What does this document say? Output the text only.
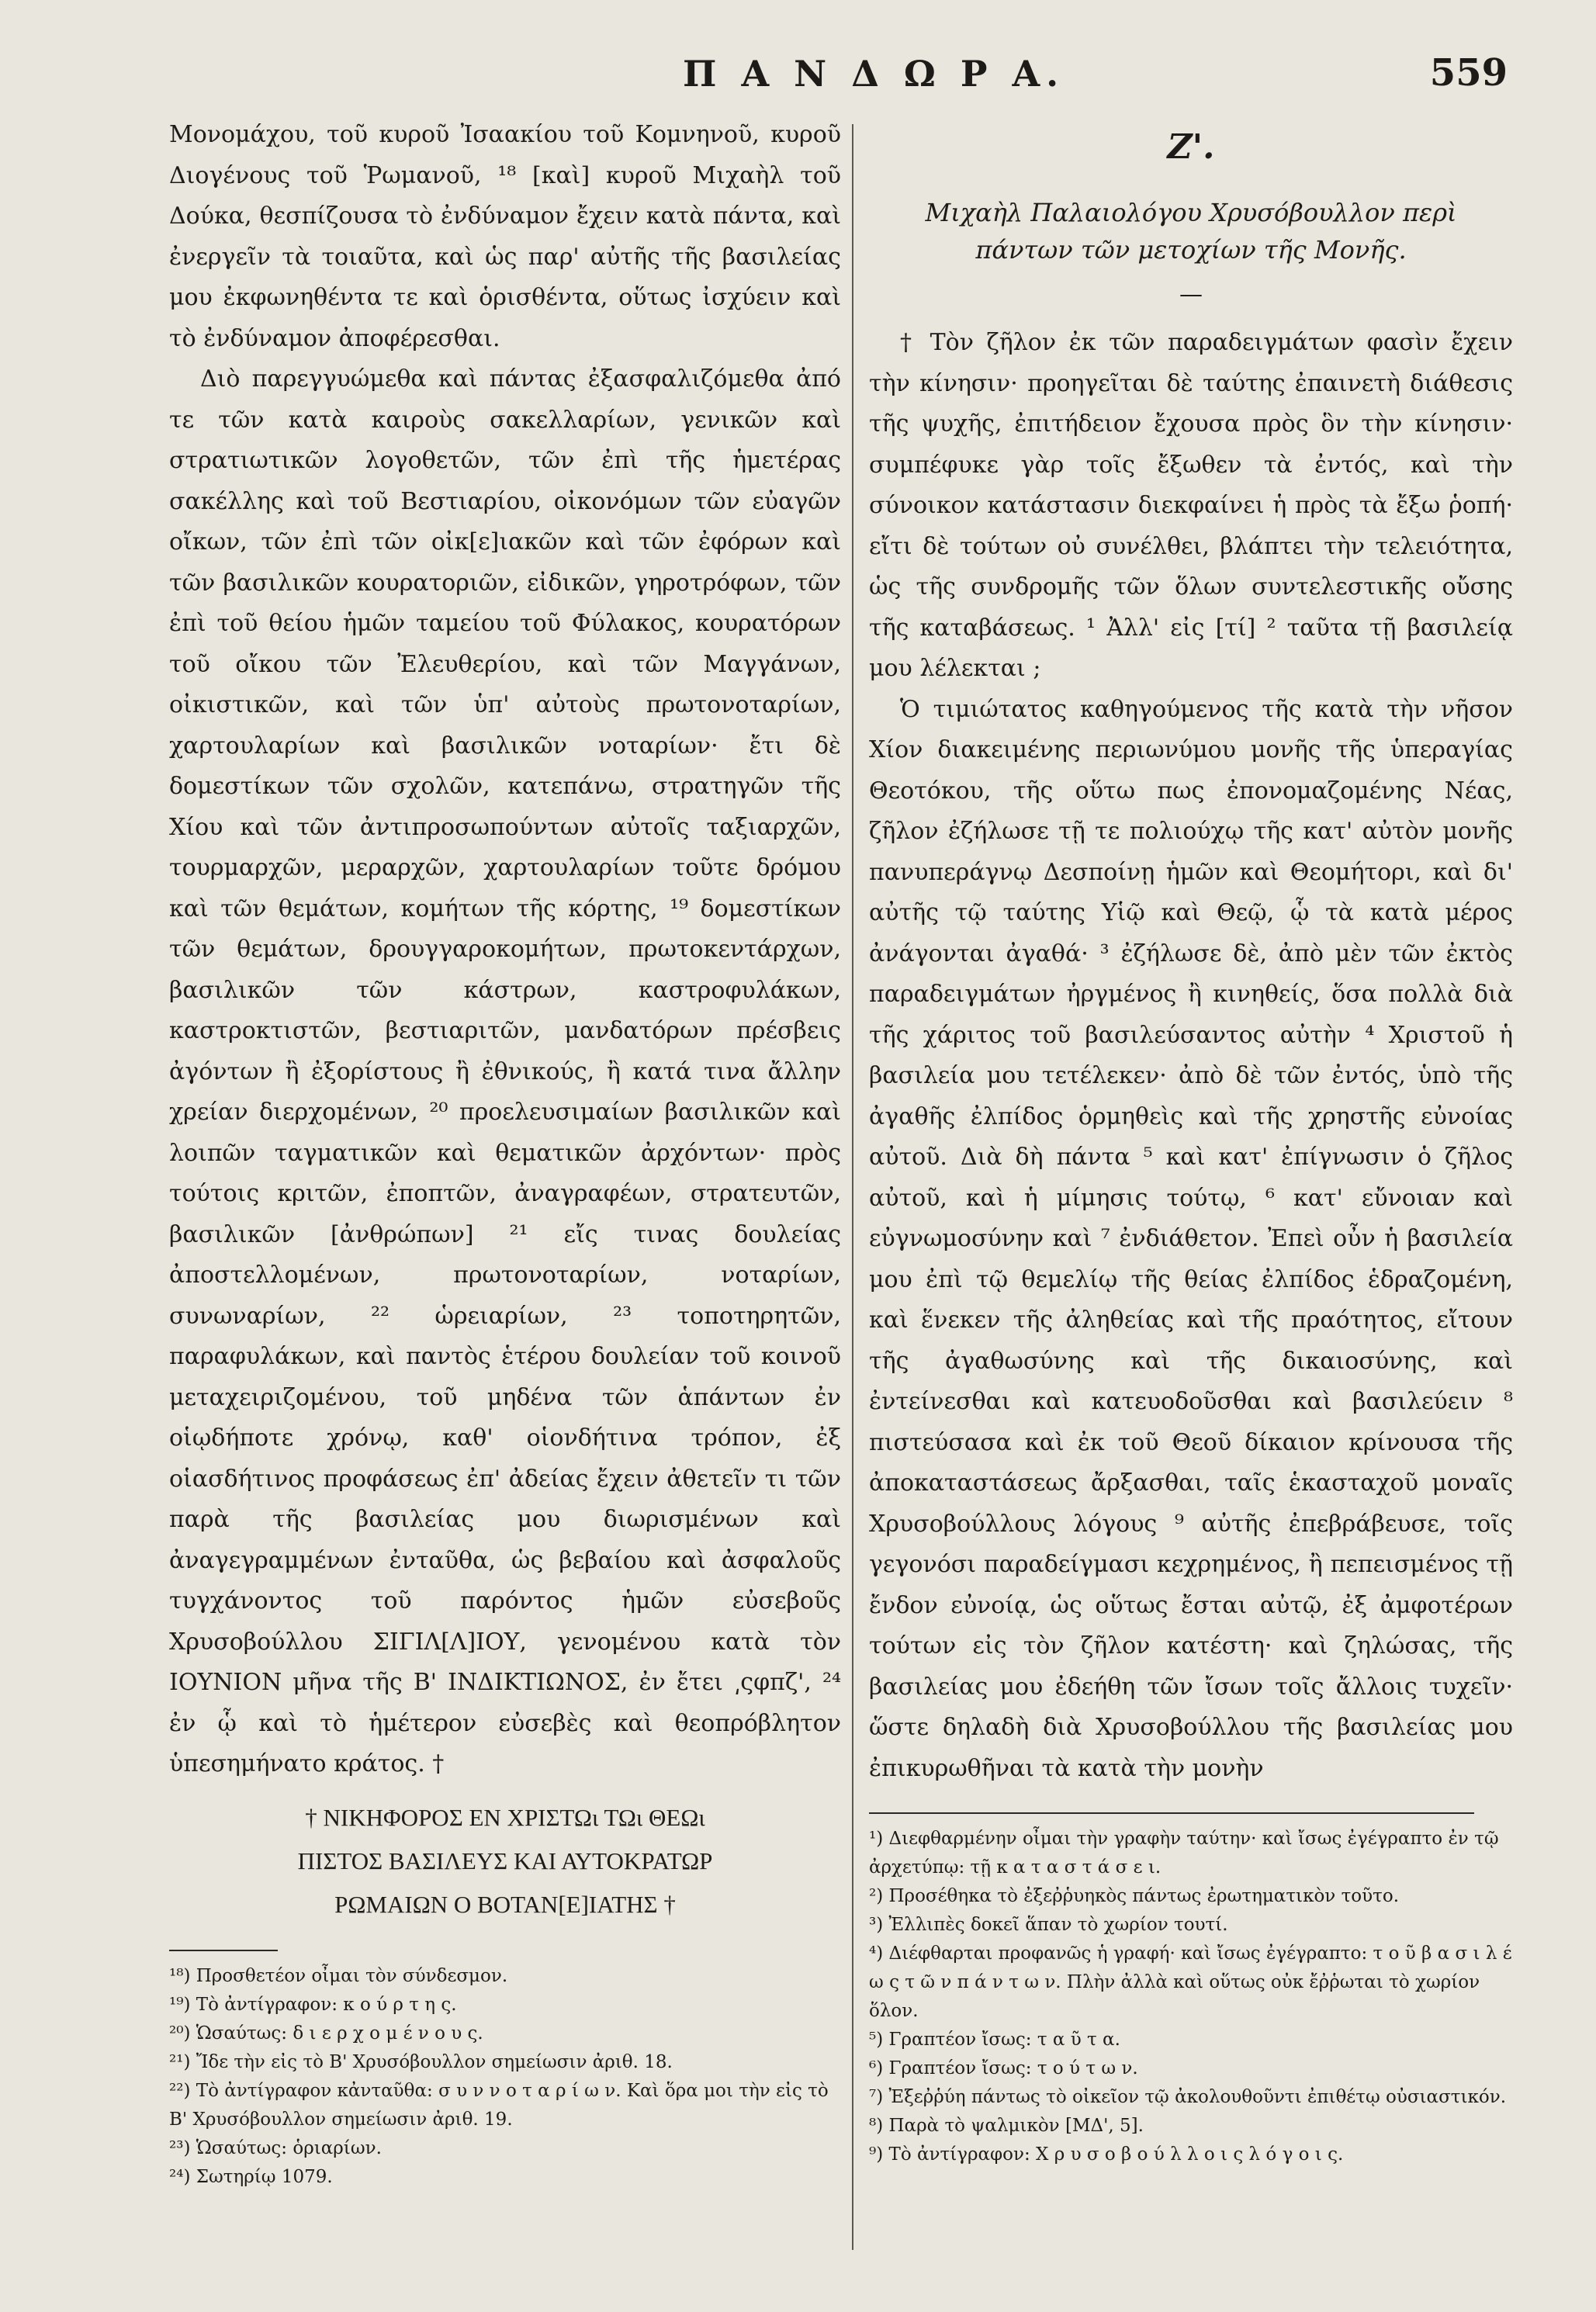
Π Α Ν Δ Ω Ρ Α.	559

Μονομάχου, τοῦ κυροῦ Ἰσαακίου τοῦ Κομνηνοῦ, κυροῦ Διογένους τοῦ Ῥωμανοῦ, ¹⁸ [καὶ] κυροῦ Μιχαὴλ τοῦ Δούκα, θεσπίζουσα τὸ ἐνδύναμον ἔχειν κατὰ πάντα, καὶ ἐνεργεῖν τὰ τοιαῦτα, καὶ ὡς παρ' αὐτῆς τῆς βασιλείας μου ἐκφωνηθέντα τε καὶ ὁρισθέντα, οὕτως ἰσχύειν καὶ τὸ ἐνδύναμον ἀποφέρεσθαι.

Διὸ παρεγγυώμεθα καὶ πάντας ἐξασφαλιζόμεθα ἀπό τε τῶν κατὰ καιροὺς σακελλαρίων, γενικῶν καὶ στρατιωτικῶν λογοθετῶν, τῶν ἐπὶ τῆς ἡμετέρας σακέλλης καὶ τοῦ Βεστιαρίου, οἰκονόμων τῶν εὐαγῶν οἴκων, τῶν ἐπὶ τῶν οἰκ[ε]ιακῶν καὶ τῶν ἐφόρων καὶ τῶν βασιλικῶν κουρατοριῶν, εἰδικῶν, γηροτρόφων, τῶν ἐπὶ τοῦ θείου ἡμῶν ταμείου τοῦ Φύλακος, κουρατόρων τοῦ οἴκου τῶν Ἐλευθερίου, καὶ τῶν Μαγγάνων, οἰκιστικῶν, καὶ τῶν ὑπ' αὐτοὺς πρωτονοταρίων, χαρτουλαρίων καὶ βασιλικῶν νοταρίων· ἔτι δὲ δομεστίκων τῶν σχολῶν, κατεπάνω, στρατηγῶν τῆς Χίου καὶ τῶν ἀντιπροσωπούντων αὐτοῖς ταξιαρχῶν, τουρμαρχῶν, μεραρχῶν, χαρτουλαρίων τοῦτε δρόμου καὶ τῶν θεμάτων, κομήτων τῆς κόρτης, ¹⁹ δομεστίκων τῶν θεμάτων, δρουγγαροκομήτων, πρωτοκεντάρχων, βασιλικῶν τῶν κάστρων, καστροφυλάκων, καστροκτιστῶν, βεστιαριτῶν, μανδατόρων πρέσβεις ἀγόντων ἢ ἐξορίστους ἢ ἐθνικούς, ἢ κατά τινα ἄλλην χρείαν διερχομένων, ²⁰ προελευσιμαίων βασιλικῶν καὶ λοιπῶν ταγματικῶν καὶ θεματικῶν ἀρχόντων· πρὸς τούτοις κριτῶν, ἐποπτῶν, ἀναγραφέων, στρατευτῶν, βασιλικῶν [ἀνθρώπων] ²¹ εἴς τινας δουλείας ἀποστελλομένων, πρωτονοταρίων, νοταρίων, συνωναρίων, ²² ὡρειαρίων, ²³ τοποτηρητῶν, παραφυλάκων, καὶ παντὸς ἑτέρου δουλείαν τοῦ κοινοῦ μεταχειριζομένου, τοῦ μηδένα τῶν ἁπάντων ἐν οἱῳδήποτε χρόνῳ, καθ' οἱονδήτινα τρόπον, ἐξ οἱασδήτινος προφάσεως ἐπ' ἀδείας ἔχειν ἀθετεῖν τι τῶν παρὰ τῆς βασιλείας μου διωρισμένων καὶ ἀναγεγραμμένων ἐνταῦθα, ὡς βεβαίου καὶ ἀσφαλοῦς τυγχάνοντος τοῦ παρόντος ἡμῶν εὐσεβοῦς Χρυσοβούλλου ΣΙΓΙΛ[Λ]ΙΟΥ, γενομένου κατὰ τὸν ΙΟΥΝΙΟΝ μῆνα τῆς Β' ΙΝΔΙΚΤΙΩΝΟΣ, ἐν ἔτει ͵ςφπζ', ²⁴ ἐν ᾧ καὶ τὸ ἡμέτερον εὐσεβὲς καὶ θεοπρόβλητον ὑπεσημήνατο κράτος. †

† ΝΙΚΗΦΟΡΟΣ ΕΝ ΧΡΙΣΤΩι ΤΩι ΘΕΩι
ΠΙΣΤΟΣ ΒΑΣΙΛΕΥΣ ΚΑΙ ΑΥΤΟΚΡΑΤΩΡ
ΡΩΜΑΙΩΝ Ο ΒΟΤΑΝ[Ε]ΙΑΤΗΣ †

¹⁸) Προσθετέον οἶμαι τὸν σύνδεσμον.

¹⁹) Τὸ ἀντίγραφον: κ ο ύ ρ τ η ς.

²⁰) Ὡσαύτως: δ ι ε ρ χ ο μ έ ν ο υ ς.

²¹) Ἴδε τὴν εἰς τὸ Β' Χρυσόβουλλον σημείωσιν ἀριθ. 18.

²²) Τὸ ἀντίγραφον κἀνταῦθα: σ υ ν ν ο τ α ρ ί ω ν. Καὶ ὅρα μοι τὴν εἰς τὸ Β' Χρυσόβουλλον σημείωσιν ἀριθ. 19.

²³) Ὡσαύτως: ὁριαρίων.

²⁴) Σωτηρίῳ 1079.

Ζ'.
Μιχαὴλ Παλαιολόγου Χρυσόβουλλον περὶ
πάντων τῶν μετοχίων τῆς Μονῆς.
—

† Τὸν ζῆλον ἐκ τῶν παραδειγμάτων φασὶν ἔχειν τὴν κίνησιν· προηγεῖται δὲ ταύτης ἐπαινετὴ διάθεσις τῆς ψυχῆς, ἐπιτήδειον ἔχουσα πρὸς ὃν τὴν κίνησιν· συμπέφυκε γὰρ τοῖς ἔξωθεν τὰ ἐντός, καὶ τὴν σύνοικον κατάστασιν διεκφαίνει ἡ πρὸς τὰ ἔξω ῥοπή· εἴτι δὲ τούτων οὐ συνέλθει, βλάπτει τὴν τελειότητα, ὡς τῆς συνδρομῆς τῶν ὅλων συντελεστικῆς οὔσης τῆς καταβάσεως. ¹ Ἀλλ' εἰς [τί] ² ταῦτα τῇ βασιλείᾳ μου λέλεκται ;

Ὁ τιμιώτατος καθηγούμενος τῆς κατὰ τὴν νῆσον Χίον διακειμένης περιωνύμου μονῆς τῆς ὑπεραγίας Θεοτόκου, τῆς οὕτω πως ἐπονομαζομένης Νέας, ζῆλον ἐζήλωσε τῇ τε πολιούχῳ τῆς κατ' αὐτὸν μονῆς πανυπεράγνῳ Δεσποίνῃ ἡμῶν καὶ Θεομήτορι, καὶ δι' αὐτῆς τῷ ταύτης Υἱῷ καὶ Θεῷ, ᾧ τὰ κατὰ μέρος ἀνάγονται ἀγαθά· ³ ἐζήλωσε δὲ, ἀπὸ μὲν τῶν ἐκτὸς παραδειγμάτων ἠργμένος ἢ κινηθείς, ὅσα πολλὰ διὰ τῆς χάριτος τοῦ βασιλεύσαντος αὐτὴν ⁴ Χριστοῦ ἡ βασιλεία μου τετέλεκεν· ἀπὸ δὲ τῶν ἐντός, ὑπὸ τῆς ἀγαθῆς ἐλπίδος ὁρμηθεὶς καὶ τῆς χρηστῆς εὐνοίας αὐτοῦ. Διὰ δὴ πάντα ⁵ καὶ κατ' ἐπίγνωσιν ὁ ζῆλος αὐτοῦ, καὶ ἡ μίμησις τούτῳ, ⁶ κατ' εὔνοιαν καὶ εὐγνωμοσύνην καὶ ⁷ ἐνδιάθετον. Ἐπεὶ οὖν ἡ βασιλεία μου ἐπὶ τῷ θεμελίῳ τῆς θείας ἐλπίδος ἑδραζομένη, καὶ ἕνεκεν τῆς ἀληθείας καὶ τῆς πραότητος, εἴτουν τῆς ἀγαθωσύνης καὶ τῆς δικαιοσύνης, καὶ ἐντείνεσθαι καὶ κατευοδοῦσθαι καὶ βασιλεύειν ⁸ πιστεύσασα καὶ ἐκ τοῦ Θεοῦ δίκαιον κρίνουσα τῆς ἀποκαταστάσεως ἄρξασθαι, ταῖς ἑκασταχοῦ μοναῖς Χρυσοβούλλους λόγους ⁹ αὐτῆς ἐπεβράβευσε, τοῖς γεγονόσι παραδείγμασι κεχρημένος, ἢ πεπεισμένος τῇ ἔνδον εὐνοίᾳ, ὡς οὕτως ἔσται αὐτῷ, ἐξ ἀμφοτέρων τούτων εἰς τὸν ζῆλον κατέστη· καὶ ζηλώσας, τῆς βασιλείας μου ἐδεήθη τῶν ἴσων τοῖς ἄλλοις τυχεῖν· ὥστε δηλαδὴ διὰ Χρυσοβούλλου τῆς βασιλείας μου ἐπικυρωθῆναι τὰ κατὰ τὴν μονὴν

¹) Διεφθαρμένην οἶμαι τὴν γραφὴν ταύτην· καὶ ἴσως ἐγέγραπτο ἐν τῷ ἀρχετύπῳ: τῇ κ α τ α σ τ ά σ ε ι.

²) Προσέθηκα τὸ ἐξεῤῥυηκὸς πάντως ἐρωτηματικὸν τοῦτο.

³) Ἐλλιπὲς δοκεῖ ἅπαν τὸ χωρίον τουτί.

⁴) Διέφθαρται προφανῶς ἡ γραφή· καὶ ἴσως ἐγέγραπτο: τ ο ῦ β α σ ι λ έ ω ς τ ῶ ν π ά ν τ ω ν. Πλὴν ἀλλὰ καὶ οὕτως οὐκ ἔῤῥωται τὸ χωρίον ὅλον.

⁵) Γραπτέον ἴσως: τ α ῦ τ α.

⁶) Γραπτέον ἴσως: τ ο ύ τ ω ν.

⁷) Ἐξεῤῥύη πάντως τὸ οἰκεῖον τῷ ἀκολουθοῦντι ἐπιθέτῳ οὐσιαστικόν.

⁸) Παρὰ τὸ ψαλμικὸν [ΜΔ', 5].

⁹) Τὸ ἀντίγραφον: Χ ρ υ σ ο β ο ύ λ λ ο ι ς λ ό γ ο ι ς.
